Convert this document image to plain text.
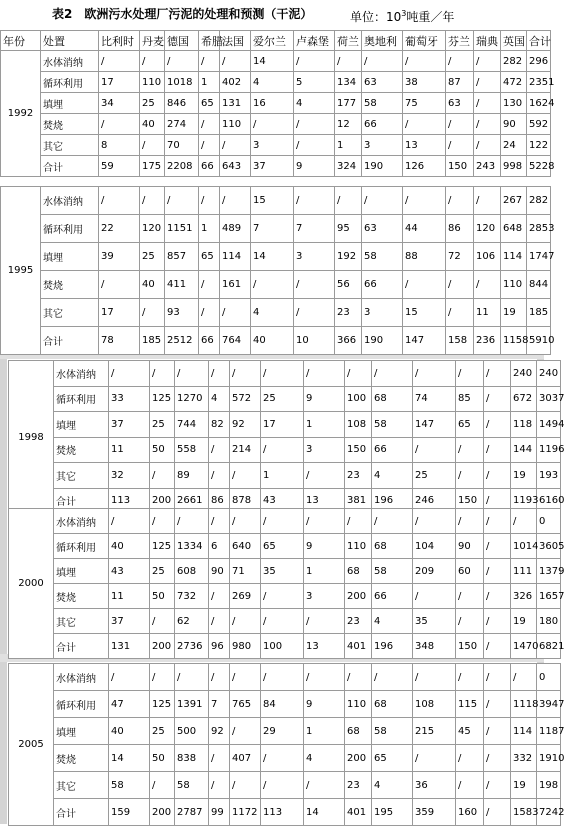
表2　欧洲污水处理厂污泥的处理和预测（干泥）	单位：$10^3$吨重／年
年份	处置	比利时	丹麦	德国	希腊	法国	爱尔兰	卢森堡	荷兰	奥地利	葡萄牙	芬兰	瑞典	英国	合计
1992	水体消纳	/	/	/	/	/	14	/	/	/	/	/	/	282	296
	循环利用	17	110	1018	1	402	4	5	134	63	38	87	/	472	2351
	填埋	34	25	846	65	131	16	4	177	58	75	63	/	130	1624
	焚烧	/	40	274	/	110	/	/	12	66	/	/	/	90	592
	其它	8	/	70	/	/	3	/	1	3	13	/	/	24	122
	合计	59	175	2208	66	643	37	9	324	190	126	150	243	998	5228
1995	水体消纳	/	/	/	/	/	15	/	/	/	/	/	/	267	282
	循环利用	22	120	1151	1	489	7	7	95	63	44	86	120	648	2853
	填埋	39	25	857	65	114	14	3	192	58	88	72	106	114	1747
	焚烧	/	40	411	/	161	/	/	56	66	/	/	/	110	844
	其它	17	/	93	/	/	4	/	23	3	15	/	11	19	185
	合计	78	185	2512	66	764	40	10	366	190	147	158	236	1158	5910
1998	水体消纳	/	/	/	/	/	/	/	/	/	/	/	/	240	240
	循环利用	33	125	1270	4	572	25	9	100	68	74	85	/	672	3037
	填埋	37	25	744	82	92	17	1	108	58	147	65	/	118	1494
	焚烧	11	50	558	/	214	/	3	150	66	/	/	/	144	1196
	其它	32	/	89	/	/	1	/	23	4	25	/	/	19	193
	合计	113	200	2661	86	878	43	13	381	196	246	150	/	1193	6160
2000	水体消纳	/	/	/	/	/	/	/	/	/	/	/	/	/	0
	循环利用	40	125	1334	6	640	65	9	110	68	104	90	/	1014	3605
	填埋	43	25	608	90	71	35	1	68	58	209	60	/	111	1379
	焚烧	11	50	732	/	269	/	3	200	66	/	/	/	326	1657
	其它	37	/	62	/	/	/	/	23	4	35	/	/	19	180
	合计	131	200	2736	96	980	100	13	401	196	348	150	/	1470	6821
2005	水体消纳	/	/	/	/	/	/	/	/	/	/	/	/	/	0
	循环利用	47	125	1391	7	765	84	9	110	68	108	115	/	1118	3947
	填埋	40	25	500	92	/	29	1	68	58	215	45	/	114	1187
	焚烧	14	50	838	/	407	/	4	200	65	/	/	/	332	1910
	其它	58	/	58	/	/	/	/	23	4	36	/	/	19	198
	合计	159	200	2787	99	1172	113	14	401	195	359	160	/	1583	7242
